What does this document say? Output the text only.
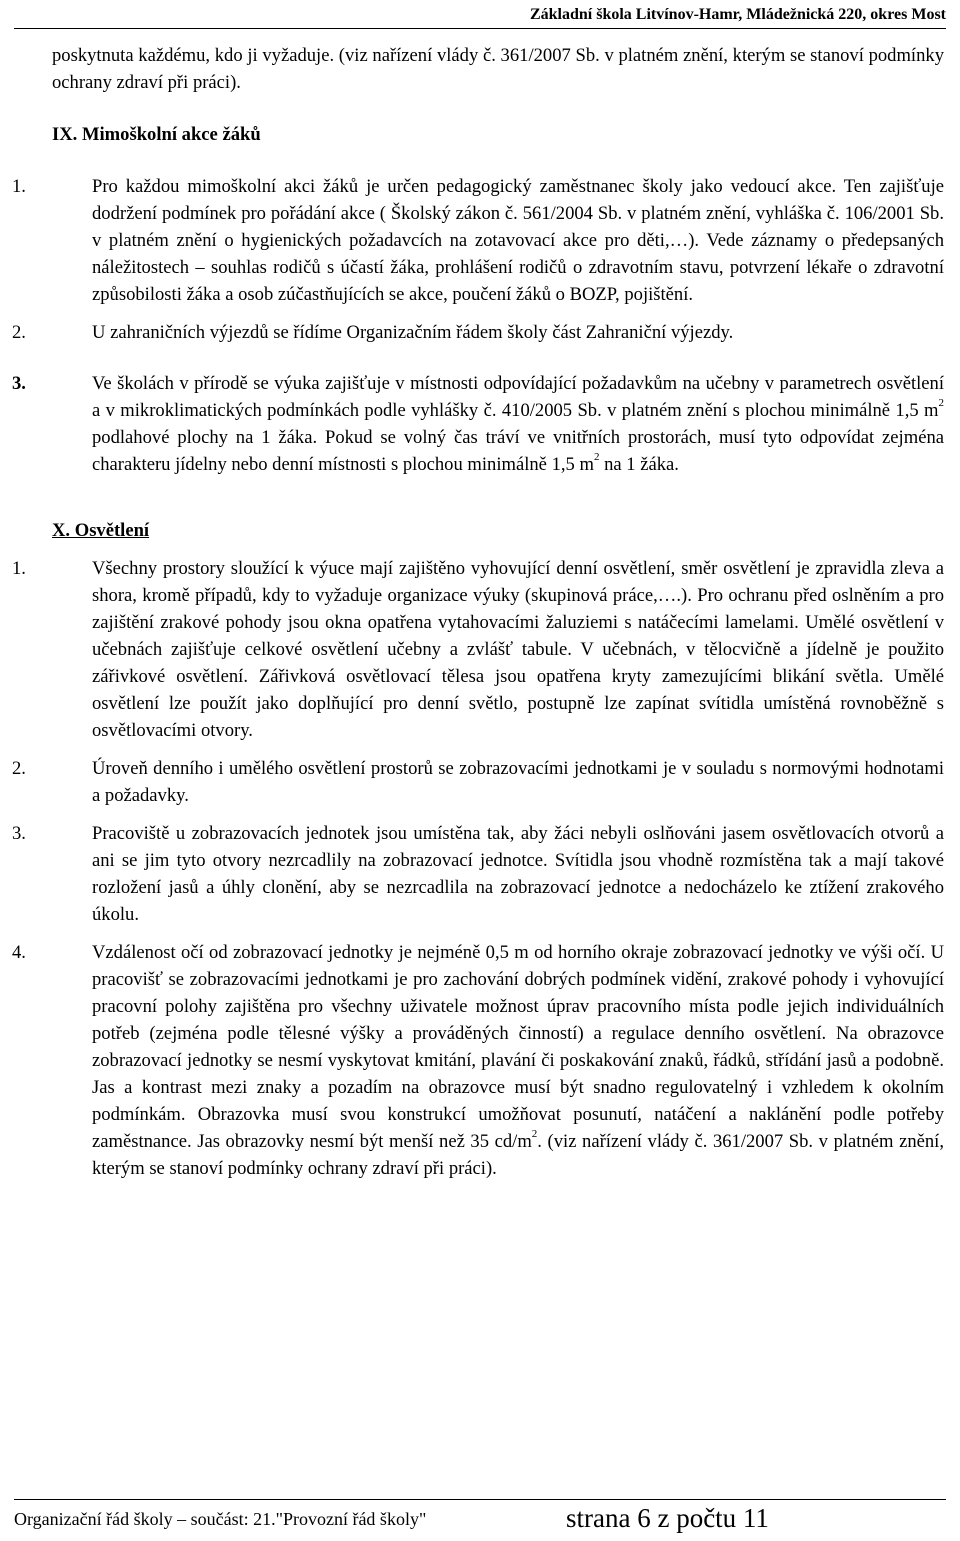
Základní škola Litvínov-Hamr, Mládežnická 220, okres Most

poskytnuta každému, kdo ji vyžaduje. (viz nařízení vlády č. 361/2007 Sb. v platném znění, kterým se stanoví podmínky ochrany zdraví při práci).

IX. Mimoškolní akce žáků

1.	Pro každou mimoškolní akci žáků je určen pedagogický zaměstnanec školy jako vedoucí akce. Ten zajišťuje dodržení podmínek pro pořádání akce ( Školský zákon č. 561/2004 Sb. v platném znění, vyhláška č. 106/2001 Sb. v platném znění o hygienických požadavcích na zotavovací akce pro děti,…). Vede záznamy o předepsaných náležitostech – souhlas rodičů s účastí žáka, prohlášení rodičů o zdravotním stavu, potvrzení lékaře o zdravotní způsobilosti žáka a osob zúčastňujících se akce, poučení žáků o BOZP, pojištění.

2.	U zahraničních výjezdů se řídíme Organizačním řádem školy část Zahraniční výjezdy.

3.	Ve školách v přírodě se výuka zajišťuje v místnosti odpovídající požadavkům na učebny v parametrech osvětlení a v mikroklimatických podmínkách podle vyhlášky č. 410/2005 Sb. v platném znění s plochou minimálně 1,5 $m^2$ podlahové plochy na 1 žáka. Pokud se volný čas tráví ve vnitřních prostorách, musí tyto odpovídat zejména charakteru jídelny nebo denní místnosti s plochou minimálně 1,5 $m^2$ na 1 žáka.

X. Osvětlení

1.	Všechny prostory sloužící k výuce mají zajištěno vyhovující denní osvětlení, směr osvětlení je zpravidla zleva a shora, kromě případů, kdy to vyžaduje organizace výuky (skupinová práce,….). Pro ochranu před oslněním a pro zajištění zrakové pohody jsou okna opatřena vytahovacími žaluziemi s natáčecími lamelami. Umělé osvětlení v učebnách zajišťuje celkové osvětlení učebny a zvlášť tabule. V učebnách, v tělocvičně a jídelně je použito zářivkové osvětlení. Zářivková osvětlovací tělesa jsou opatřena kryty zamezujícími blikání světla. Umělé osvětlení lze použít jako doplňující pro denní světlo, postupně lze zapínat svítidla umístěná rovnoběžně s osvětlovacími otvory.

2.	Úroveň denního i umělého osvětlení prostorů se zobrazovacími jednotkami je v souladu s normovými hodnotami a požadavky.

3.	Pracoviště u zobrazovacích jednotek jsou umístěna tak, aby žáci nebyli oslňováni jasem osvětlovacích otvorů a ani se jim tyto otvory nezrcadlily na zobrazovací jednotce. Svítidla jsou vhodně rozmístěna tak a mají takové rozložení jasů a úhly clonění, aby se nezrcadlila na zobrazovací jednotce a nedocházelo ke ztížení zrakového úkolu.

4.	Vzdálenost očí od zobrazovací jednotky je nejméně 0,5 m od horního okraje zobrazovací jednotky ve výši očí. U pracovišť se zobrazovacími jednotkami je pro zachování dobrých podmínek vidění, zrakové pohody i vyhovující pracovní polohy zajištěna pro všechny uživatele možnost úprav pracovního místa podle jejich individuálních potřeb (zejména podle tělesné výšky a prováděných činností) a regulace denního osvětlení. Na obrazovce zobrazovací jednotky se nesmí vyskytovat kmitání, plavání či poskakování znaků, řádků, střídání jasů a podobně. Jas a kontrast mezi znaky a pozadím na obrazovce musí být snadno regulovatelný i vzhledem k okolním podmínkám. Obrazovka musí svou konstrukcí umožňovat posunutí, natáčení a naklánění podle potřeby zaměstnance. Jas obrazovky nesmí být menší než 35 $cd/m^2$. (viz nařízení vlády č. 361/2007 Sb. v platném znění, kterým se stanoví podmínky ochrany zdraví při práci).

Organizační řád školy – součást: 21."Provozní řád školy"	strana 6 z počtu 11
